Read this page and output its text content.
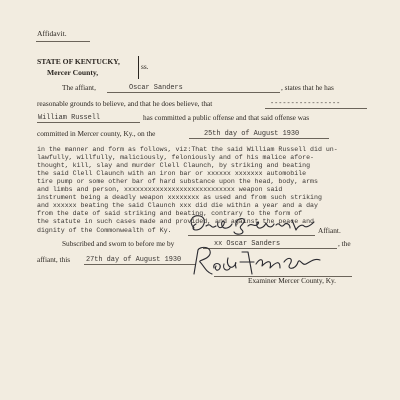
Affidavit.
STATE OF KENTUCKY,
Mercer County,
ss.
The affiant,	Oscar Sanders	, states that he has
reasonable grounds to believe, and that he does believe, that	-----------------
William Russell	has committed a public offense and that said offense was
committed in Mercer county, Ky., on the	25th day of August 1930
in the manner and form as follows, viz:That the said William Russell did un-
lawfully, willfully, maliciously, feloniously and of his malice afore-
thought, kill, slay and murder Clell Claunch, by striking and beating
the said Clell Claunch with an iron bar or xxxxxx xxxxxxx automobile
tire pump or some other bar of hard substance upon the head, body, arms
and limbs and person, xxxxxxxxxxxxxxxxxxxxxxxxxxxx weapon said
instrument being a deadly weapon xxxxxxxx as used and from such striking
and xxxxxx beating the said Claunch xxx did die within a year and a day
from the date of said striking and beating, contrary to the form of
the statute in such cases made and provided, and against the peace and
dignity of the Commonwealth of Ky.	Affiant.
Subscribed and sworn to before me by	xx Oscar Sanders	, the
affiant, this 27th day of August 1930
Examiner Mercer County, Ky.
